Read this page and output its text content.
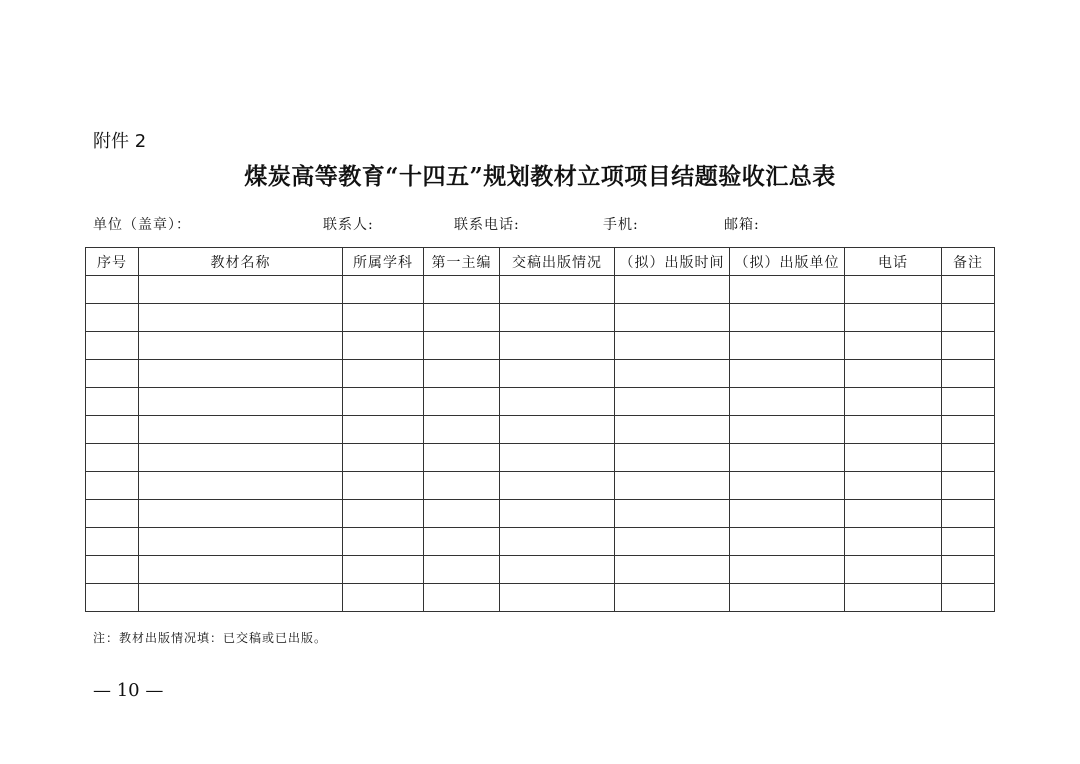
附件 2
煤炭高等教育“十四五”规划教材立项项目结题验收汇总表
单位（盖章）：	联系人:	联系电话:	手机:	邮箱:
序号	教材名称	所属学科	第一主编	交稿出版情况	（拟）出版时间	（拟）出版单位	电话	备注

注：教材出版情况填：已交稿或已出版。
— 10 —
